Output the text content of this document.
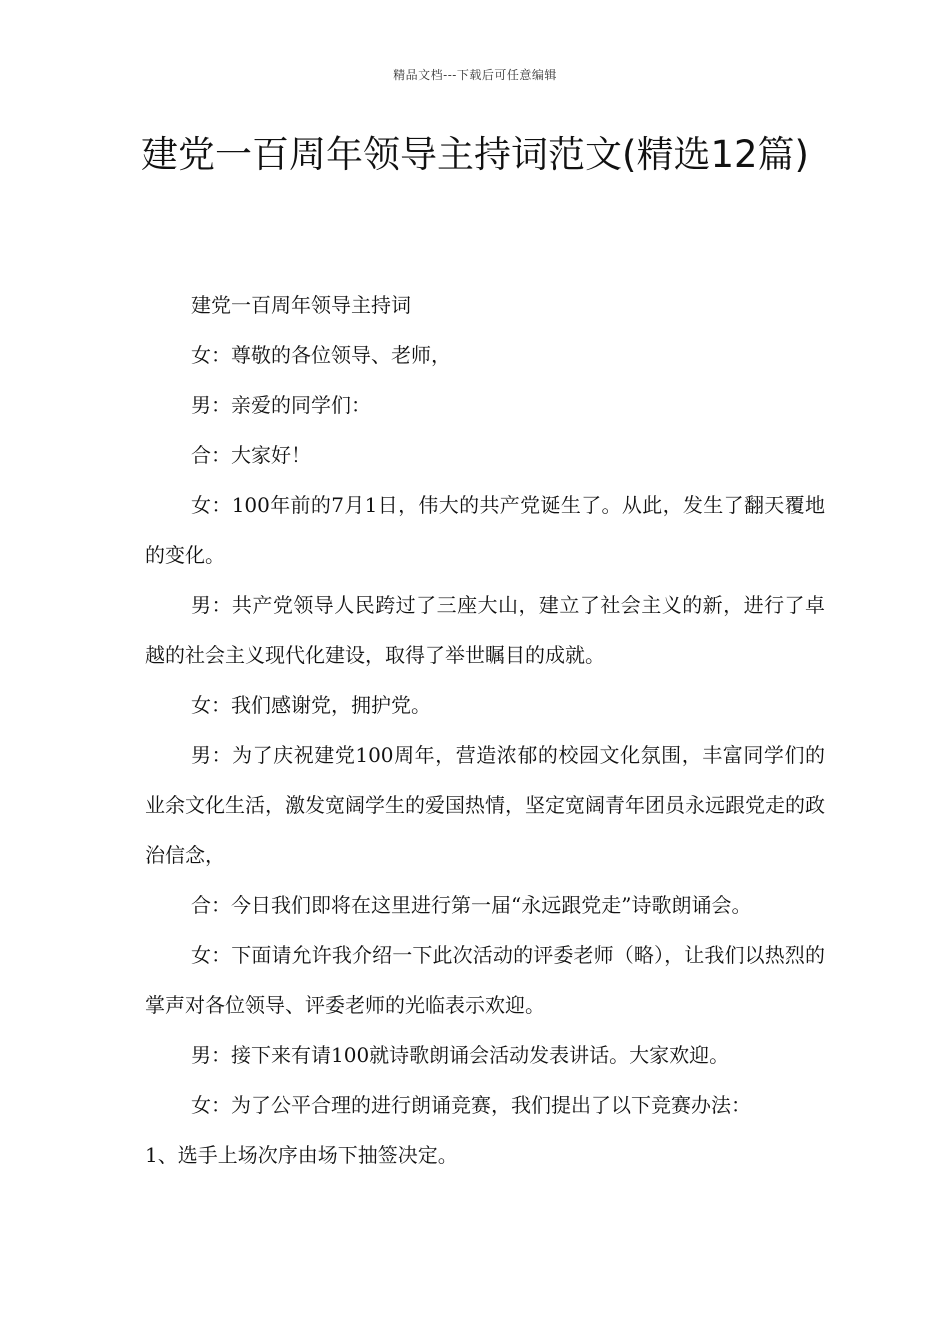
精品文档---下载后可任意编辑
建党一百周年领导主持词范文(精选12篇)

建党一百周年领导主持词

女：尊敬的各位领导、老师，

男：亲爱的同学们：

合：大家好！

女：100年前的7月1日，伟大的共产党诞生了。从此，发生了翻天覆地的变化。

男：共产党领导人民跨过了三座大山，建立了社会主义的新，进行了卓越的社会主义现代化建设，取得了举世瞩目的成就。

女：我们感谢党，拥护党。

男：为了庆祝建党100周年，营造浓郁的校园文化氛围，丰富同学们的业余文化生活，激发宽阔学生的爱国热情，坚定宽阔青年团员永远跟党走的政治信念，

合：今日我们即将在这里进行第一届“永远跟党走”诗歌朗诵会。

女：下面请允许我介绍一下此次活动的评委老师（略），让我们以热烈的掌声对各位领导、评委老师的光临表示欢迎。

男：接下来有请100就诗歌朗诵会活动发表讲话。大家欢迎。

女：为了公平合理的进行朗诵竞赛，我们提出了以下竞赛办法：

1、选手上场次序由场下抽签决定。
